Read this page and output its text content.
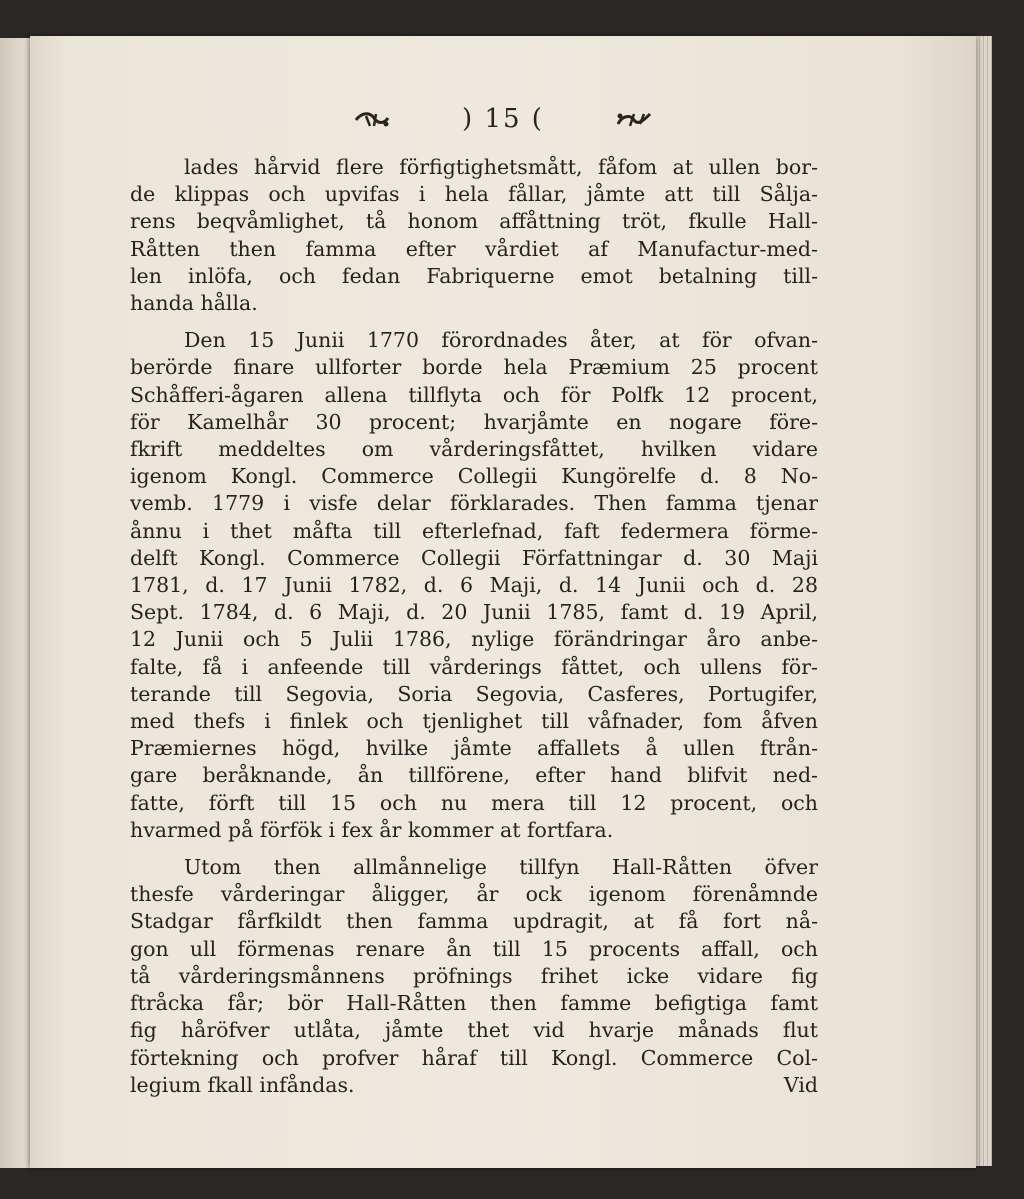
) 15 (

lades hårvid flere förfigtighetsmått, fåfom at ullen bor-
de klippas och upvifas i hela fållar, jåmte att till Sålja-
rens beqvåmlighet, tå honom affåttning tröt, fkulle Hall-
Råtten then famma efter vårdiet af Manufactur-med-
len inlöfa, och fedan Fabriquerne emot betalning till-
handa hålla.

Den 15 Junii 1770 förordnades åter, at för ofvan-
berörde finare ullforter borde hela Præmium 25 procent
Schåfferi-ågaren allena tillflyta och för Polfk 12 procent,
för Kamelhår 30 procent; hvarjåmte en nogare före-
fkrift meddeltes om vårderingsfåttet, hvilken vidare
igenom Kongl. Commerce Collegii Kungörelfe d. 8 No-
vemb. 1779 i visfe delar förklarades. Then famma tjenar
ånnu i thet måfta till efterlefnad, faft federmera förme-
delft Kongl. Commerce Collegii Författningar d. 30 Maji
1781, d. 17 Junii 1782, d. 6 Maji, d. 14 Junii och d. 28
Sept. 1784, d. 6 Maji, d. 20 Junii 1785, famt d. 19 April,
12 Junii och 5 Julii 1786, nylige förändringar åro anbe-
falte, få i anfeende till vårderings fåttet, och ullens för-
terande till Segovia, Soria Segovia, Casferes, Portugifer,
med thefs i finlek och tjenlighet till våfnader, fom åfven
Præmiernes högd, hvilke jåmte affallets å ullen ftrån-
gare beråknande, ån tillförene, efter hand blifvit ned-
fatte, förft till 15 och nu mera till 12 procent, och
hvarmed på förfök i fex år kommer at fortfara.

Utom then allmånnelige tillfyn Hall-Råtten öfver
thesfe vårderingar åligger, år ock igenom förenåmnde
Stadgar fårfkildt then famma updragit, at få fort nå-
gon ull förmenas renare ån till 15 procents affall, och
tå vårderingsmånnens pröfnings frihet icke vidare fig
ftråcka får; bör Hall-Råtten then famme befigtiga famt
fig håröfver utlåta, jåmte thet vid hvarje månads flut
förtekning och profver håraf till Kongl. Commerce Col-

legium fkall infåndas.	Vid
